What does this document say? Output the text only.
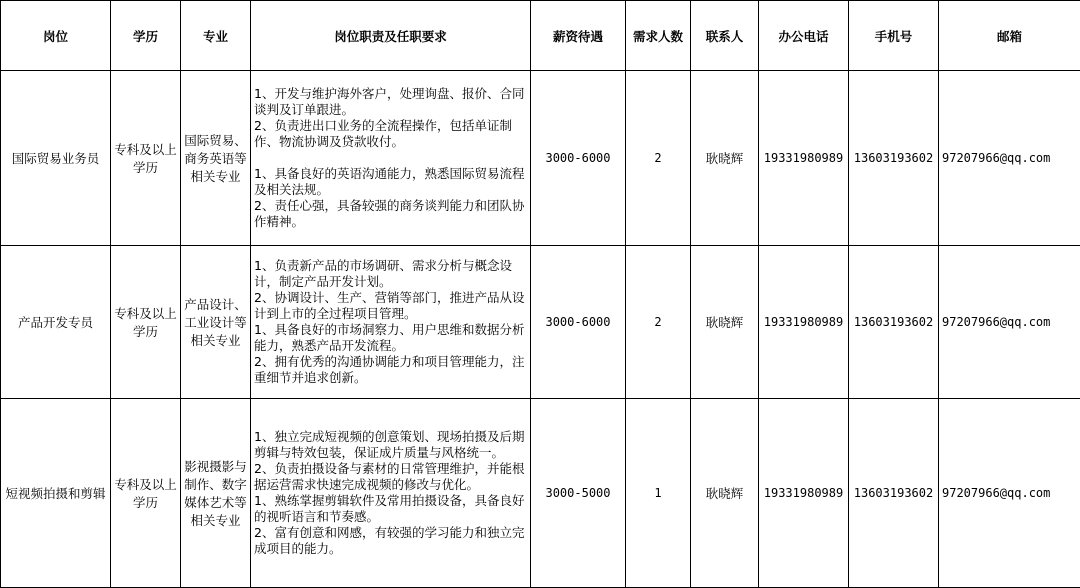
岗位	学历	专业	岗位职责及任职要求	薪资待遇	需求人数	联系人	办公电话	手机号	邮箱
国际贸易业务员	专科及以上学历	国际贸易、商务英语等相关专业	1、开发与维护海外客户，处理询盘、报价、合同谈判及订单跟进。
2、负责进出口业务的全流程操作，包括单证制作、物流协调及贷款收付。
1、具备良好的英语沟通能力，熟悉国际贸易流程及相关法规。
2、责任心强，具备较强的商务谈判能力和团队协作精神。	3000-6000	2	耿晓辉	19331980989	13603193602	97207966@qq.com
产品开发专员	专科及以上学历	产品设计、工业设计等相关专业	1、负责新产品的市场调研、需求分析与概念设计，制定产品开发计划。
2、协调设计、生产、营销等部门，推进产品从设计到上市的全过程项目管理。
1、具备良好的市场洞察力、用户思维和数据分析能力，熟悉产品开发流程。
2、拥有优秀的沟通协调能力和项目管理能力，注重细节并追求创新。	3000-6000	2	耿晓辉	19331980989	13603193602	97207966@qq.com
短视频拍摄和剪辑	专科及以上学历	影视摄影与制作、数字媒体艺术等相关专业	1、独立完成短视频的创意策划、现场拍摄及后期剪辑与特效包装，保证成片质量与风格统一。
2、负责拍摄设备与素材的日常管理维护，并能根据运营需求快速完成视频的修改与优化。
1、熟练掌握剪辑软件及常用拍摄设备，具备良好的视听语言和节奏感。
2、富有创意和网感，有较强的学习能力和独立完成项目的能力。	3000-5000	1	耿晓辉	19331980989	13603193602	97207966@qq.com
